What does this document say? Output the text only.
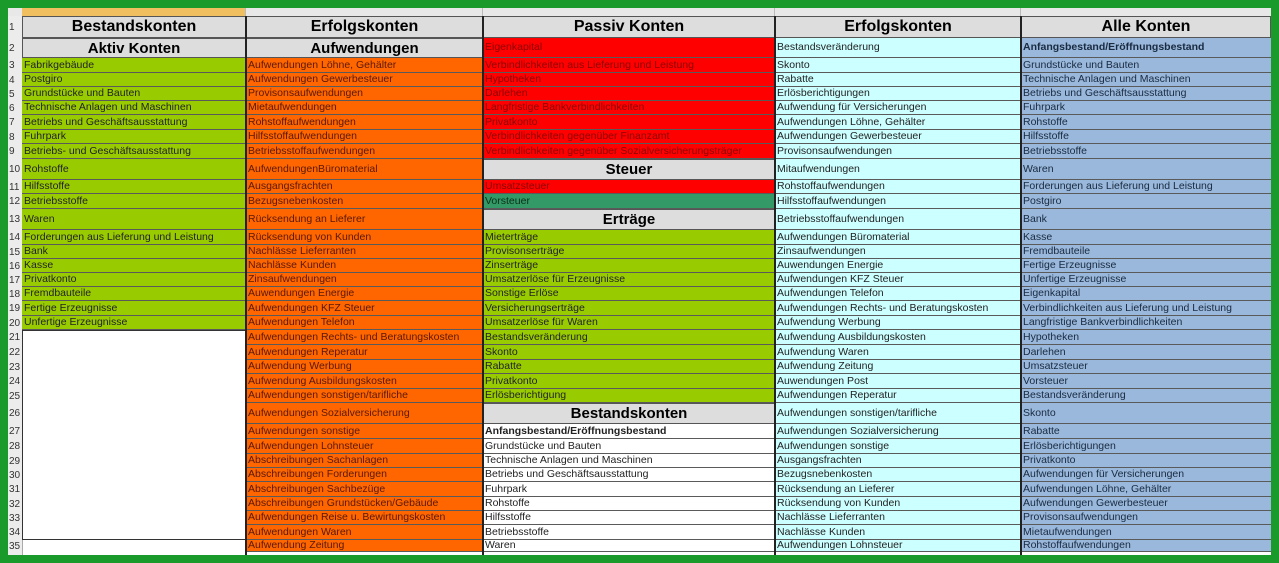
1
2
3
4
5
6
7
8
9
10
11
12
13
14
15
16
17
18
19
20
21
22
23
24
25
26
27
28
29
30
31
32
33
34
35
Bestandskonten
Aktiv Konten
Fabrikgebäude
Postgiro
Grundstücke und Bauten
Technische Anlagen und Maschinen
Betriebs und Geschäftsausstattung
Fuhrpark
Betriebs- und Geschäftsausstattung
Rohstoffe
Hilfsstoffe
Betriebsstoffe
Waren
Forderungen aus Lieferung und Leistung
Bank
Kasse
Privatkonto
Fremdbauteile
Fertige Erzeugnisse
Unfertige Erzeugnisse
Erfolgskonten
Aufwendungen
Aufwendungen Löhne, Gehälter
Aufwendungen Gewerbesteuer
Provisonsaufwendungen
Mietaufwendungen
Rohstoffaufwendungen
Hilfsstoffaufwendungen
Betriebsstoffaufwendungen
AufwendungenBüromaterial
Ausgangsfrachten
Bezugsnebenkosten
Rücksendung an Lieferer
Rücksendung von Kunden
Nachlässe Lieferranten
Nachlässe Kunden
Zinsaufwendungen
Auwendungen Energie
Aufwendungen KFZ Steuer
Aufwendungen Telefon
Aufwendungen Rechts- und Beratungskosten
Aufwendungen Reperatur
Aufwendung Werbung
Aufwendung Ausbildungskosten
Aufwendungen sonstigen/tarifliche
Aufwendungen Sozialversicherung
Aufwendungen sonstige
Aufwendungen Lohnsteuer
Abschreibungen Sachanlagen
Abschreibungen Forderungen
Abschreibungen Sachbezüge
Abschreibungen Grundstücken/Gebäude
Aufwendungen Reise u. Bewirtungskosten
Aufwendungen Waren
Aufwendung Zeitung
Passiv Konten
Eigenkapital
Verbindlichkeiten aus Lieferung und Leistung
Hypotheken
Darlehen
Langfristige Bankverbindlichkeiten
Privatkonto
Verbindlichkeiten gegenüber Finanzamt
Verbindlichkeiten gegenüber Sozialversicherungsträger
Steuer
Umsatzsteuer
Vorsteuer
Erträge
Mieterträge
Provisonserträge
Zinserträge
Umsatzerlöse für Erzeugnisse
Sonstige Erlöse
Versicherungserträge
Umsatzerlöse für Waren
Bestandsveränderung
Skonto
Rabatte
Privatkonto
Erlösberichtigung
Bestandskonten
Anfangsbestand/Eröffnungsbestand
Grundstücke und Bauten
Technische Anlagen und Maschinen
Betriebs und Geschäftsausstattung
Fuhrpark
Rohstoffe
Hilfsstoffe
Betriebsstoffe
Waren
Erfolgskonten
Bestandsveränderung
Skonto
Rabatte
Erlösberichtigungen
Aufwendung für Versicherungen
Aufwendungen Löhne, Gehälter
Aufwendungen Gewerbesteuer
Provisonsaufwendungen
Mitaufwendungen
Rohstoffaufwendungen
Hilfsstoffaufwendungen
Betriebsstoffaufwendungen
Aufwendungen Büromaterial
Zinsaufwendungen
Auwendungen Energie
Aufwendungen KFZ Steuer
Aufwendungen Telefon
Aufwendungen Rechts- und Beratungskosten
Aufwendung Werbung
Aufwendung Ausbildungskosten
Aufwendung Waren
Aufwendung Zeitung
Auwendungen Post
Aufwendungen Reperatur
Aufwendungen sonstigen/tarifliche
Aufwendungen Sozialversicherung
Aufwendungen sonstige
Ausgangsfrachten
Bezugsnebenkosten
Rücksendung an Lieferer
Rücksendung von Kunden
Nachlässe Lieferranten
Nachlässe Kunden
Aufwendungen Lohnsteuer
Alle Konten
Anfangsbestand/Eröffnungsbestand
Grundstücke und Bauten
Technische Anlagen und Maschinen
Betriebs und Geschäftsausstattung
Fuhrpark
Rohstoffe
Hilfsstoffe
Betriebsstoffe
Waren
Forderungen aus Lieferung und Leistung
Postgiro
Bank
Kasse
Fremdbauteile
Fertige Erzeugnisse
Unfertige Erzeugnisse
Eigenkapital
Verbindlichkeiten aus Lieferung und Leistung
Langfristige Bankverbindlichkeiten
Hypotheken
Darlehen
Umsatzsteuer
Vorsteuer
Bestandsveränderung
Skonto
Rabatte
Erlösberichtigungen
Privatkonto
Aufwendungen für Versicherungen
Aufwendungen Löhne, Gehälter
Aufwendungen Gewerbesteuer
Provisonsaufwendungen
Mietaufwendungen
Rohstoffaufwendungen
